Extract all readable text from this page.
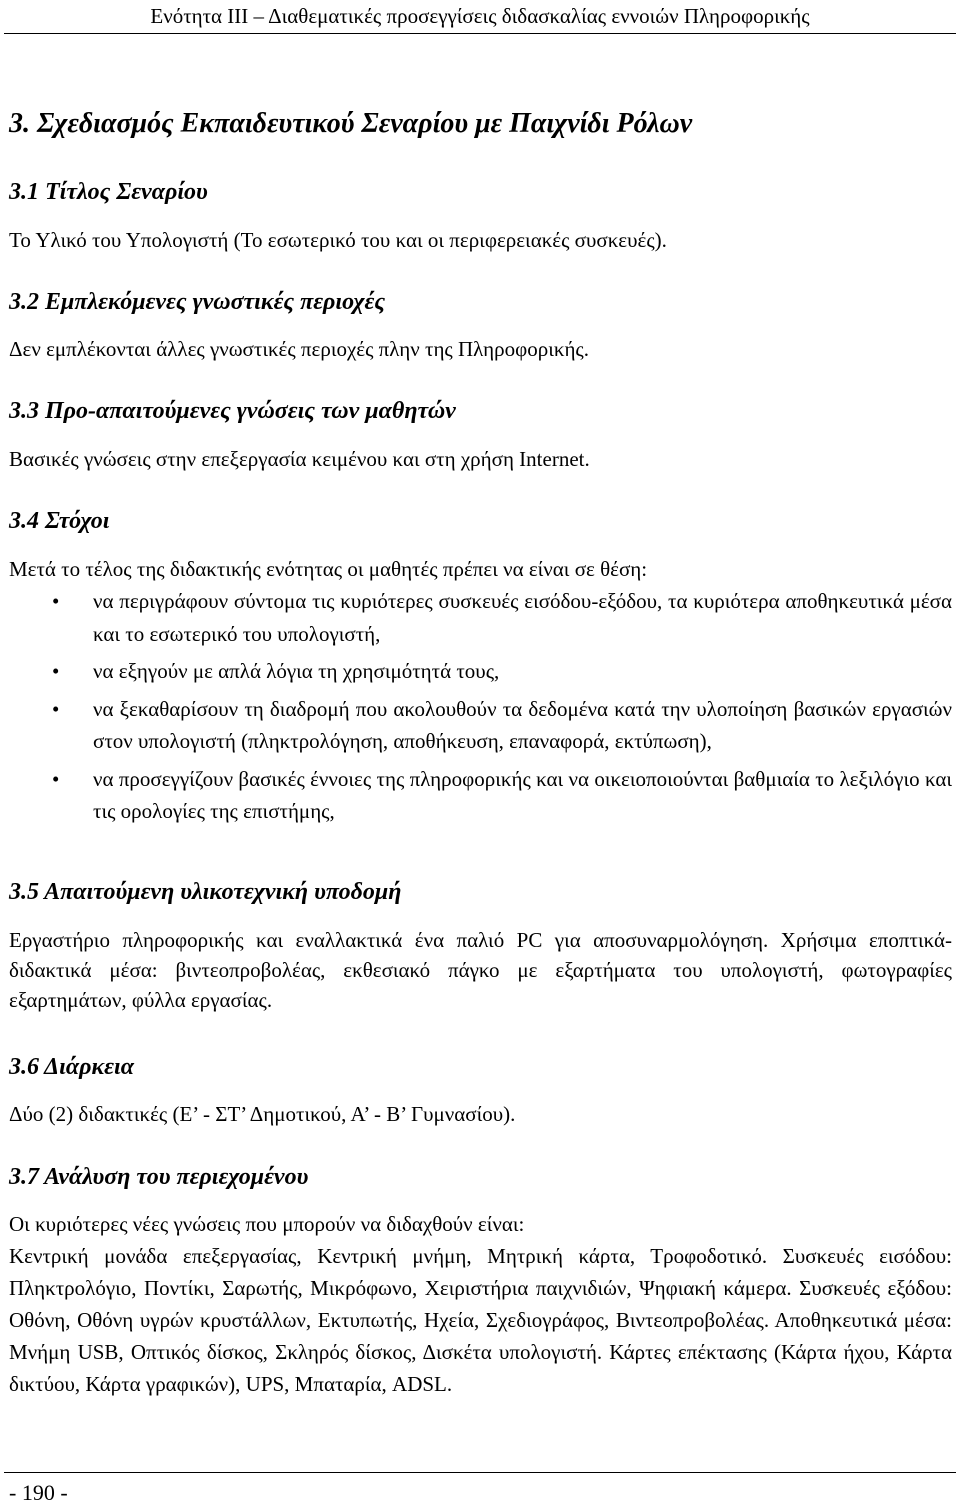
Ενότητα ΙΙΙ – Διαθεματικές προσεγγίσεις διδασκαλίας εννοιών Πληροφορικής
3. Σχεδιασμός Εκπαιδευτικού Σεναρίου με Παιχνίδι Ρόλων
3.1 Τίτλος Σεναρίου
Το Υλικό του Υπολογιστή (Το εσωτερικό του και οι περιφερειακές συσκευές).
3.2 Εμπλεκόμενες γνωστικές περιοχές
Δεν εμπλέκονται άλλες γνωστικές περιοχές πλην της Πληροφορικής.
3.3 Προ-απαιτούμενες γνώσεις των μαθητών
Βασικές γνώσεις στην επεξεργασία κειμένου και στη χρήση Internet.
3.4 Στόχοι
Μετά το τέλος της διδακτικής ενότητας οι μαθητές πρέπει να είναι σε θέση:
• να περιγράφουν σύντομα τις κυριότερες συσκευές εισόδου-εξόδου, τα κυριότερα αποθηκευτικά μέσα και το εσωτερικό του υπολογιστή,
• να εξηγούν με απλά λόγια τη χρησιμότητά τους,
• να ξεκαθαρίσουν τη διαδρομή που ακολουθούν τα δεδομένα κατά την υλοποίηση βασικών εργασιών στον υπολογιστή (πληκτρολόγηση, αποθήκευση, επαναφορά, εκτύπωση),
• να προσεγγίζουν βασικές έννοιες της πληροφορικής και να οικειοποιούνται βαθμιαία το λεξιλόγιο και τις ορολογίες της επιστήμης,
3.5 Απαιτούμενη υλικοτεχνική υποδομή
Εργαστήριο πληροφορικής και εναλλακτικά ένα παλιό PC για αποσυναρμολόγηση. Χρήσιμα εποπτικά-διδακτικά μέσα: βιντεοπροβολέας, εκθεσιακό πάγκο με εξαρτήματα του υπολογιστή, φωτογραφίες εξαρτημάτων, φύλλα εργασίας.
3.6 Διάρκεια
Δύο (2) διδακτικές (Ε’ - ΣΤ’ Δημοτικού, Α’ - Β’ Γυμνασίου).
3.7 Ανάλυση του περιεχομένου
Οι κυριότερες νέες γνώσεις που μπορούν να διδαχθούν είναι:
Κεντρική μονάδα επεξεργασίας, Κεντρική μνήμη, Μητρική κάρτα, Τροφοδοτικό. Συσκευές εισόδου: Πληκτρολόγιο, Ποντίκι, Σαρωτής, Μικρόφωνο, Χειριστήρια παιχνιδιών, Ψηφιακή κάμερα. Συσκευές εξόδου: Οθόνη, Οθόνη υγρών κρυστάλλων, Εκτυπωτής, Ηχεία, Σχεδιογράφος, Βιντεοπροβολέας. Αποθηκευτικά μέσα: Μνήμη USB, Οπτικός δίσκος, Σκληρός δίσκος, Δισκέτα υπολογιστή. Κάρτες επέκτασης (Κάρτα ήχου, Κάρτα δικτύου, Κάρτα γραφικών), UPS, Μπαταρία, ADSL.
- 190 -
